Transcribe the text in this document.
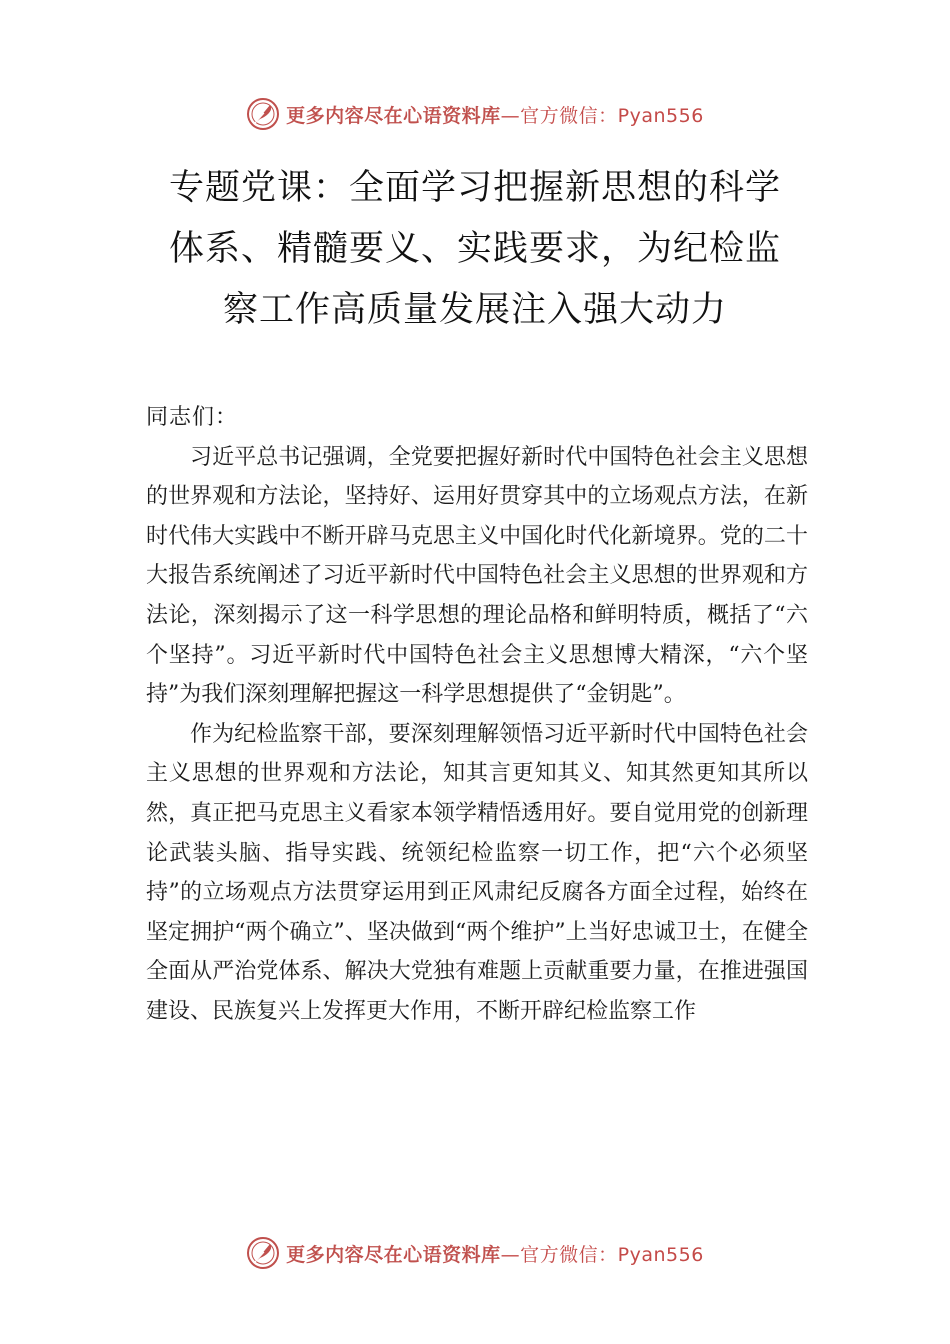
更多内容尽在心语资料库 —官方微信：Pyan556
专题党课：全面学习把握新思想的科学
体系、精髓要义、实践要求，为纪检监
察工作高质量发展注入强大动力

同志们：

习近平总书记强调，全党要把握好新时代中国特色社会主义思想的世界观和方法论，坚持好、运用好贯穿其中的立场观点方法，在新时代伟大实践中不断开辟马克思主义中国化时代化新境界。党的二十大报告系统阐述了习近平新时代中国特色社会主义思想的世界观和方法论，深刻揭示了这一科学思想的理论品格和鲜明特质，概括了“六个坚持”。习近平新时代中国特色社会主义思想博大精深，“六个坚持”为我们深刻理解把握这一科学思想提供了“金钥匙”。

作为纪检监察干部，要深刻理解领悟习近平新时代中国特色社会主义思想的世界观和方法论，知其言更知其义、知其然更知其所以然，真正把马克思主义看家本领学精悟透用好。要自觉用党的创新理论武装头脑、指导实践、统领纪检监察一切工作，把“六个必须坚持”的立场观点方法贯穿运用到正风肃纪反腐各方面全过程，始终在坚定拥护“两个确立”、坚决做到“两个维护”上当好忠诚卫士，在健全全面从严治党体系、解决大党独有难题上贡献重要力量，在推进强国建设、民族复兴上发挥更大作用，不断开辟纪检监察工作

更多内容尽在心语资料库 —官方微信：Pyan556
